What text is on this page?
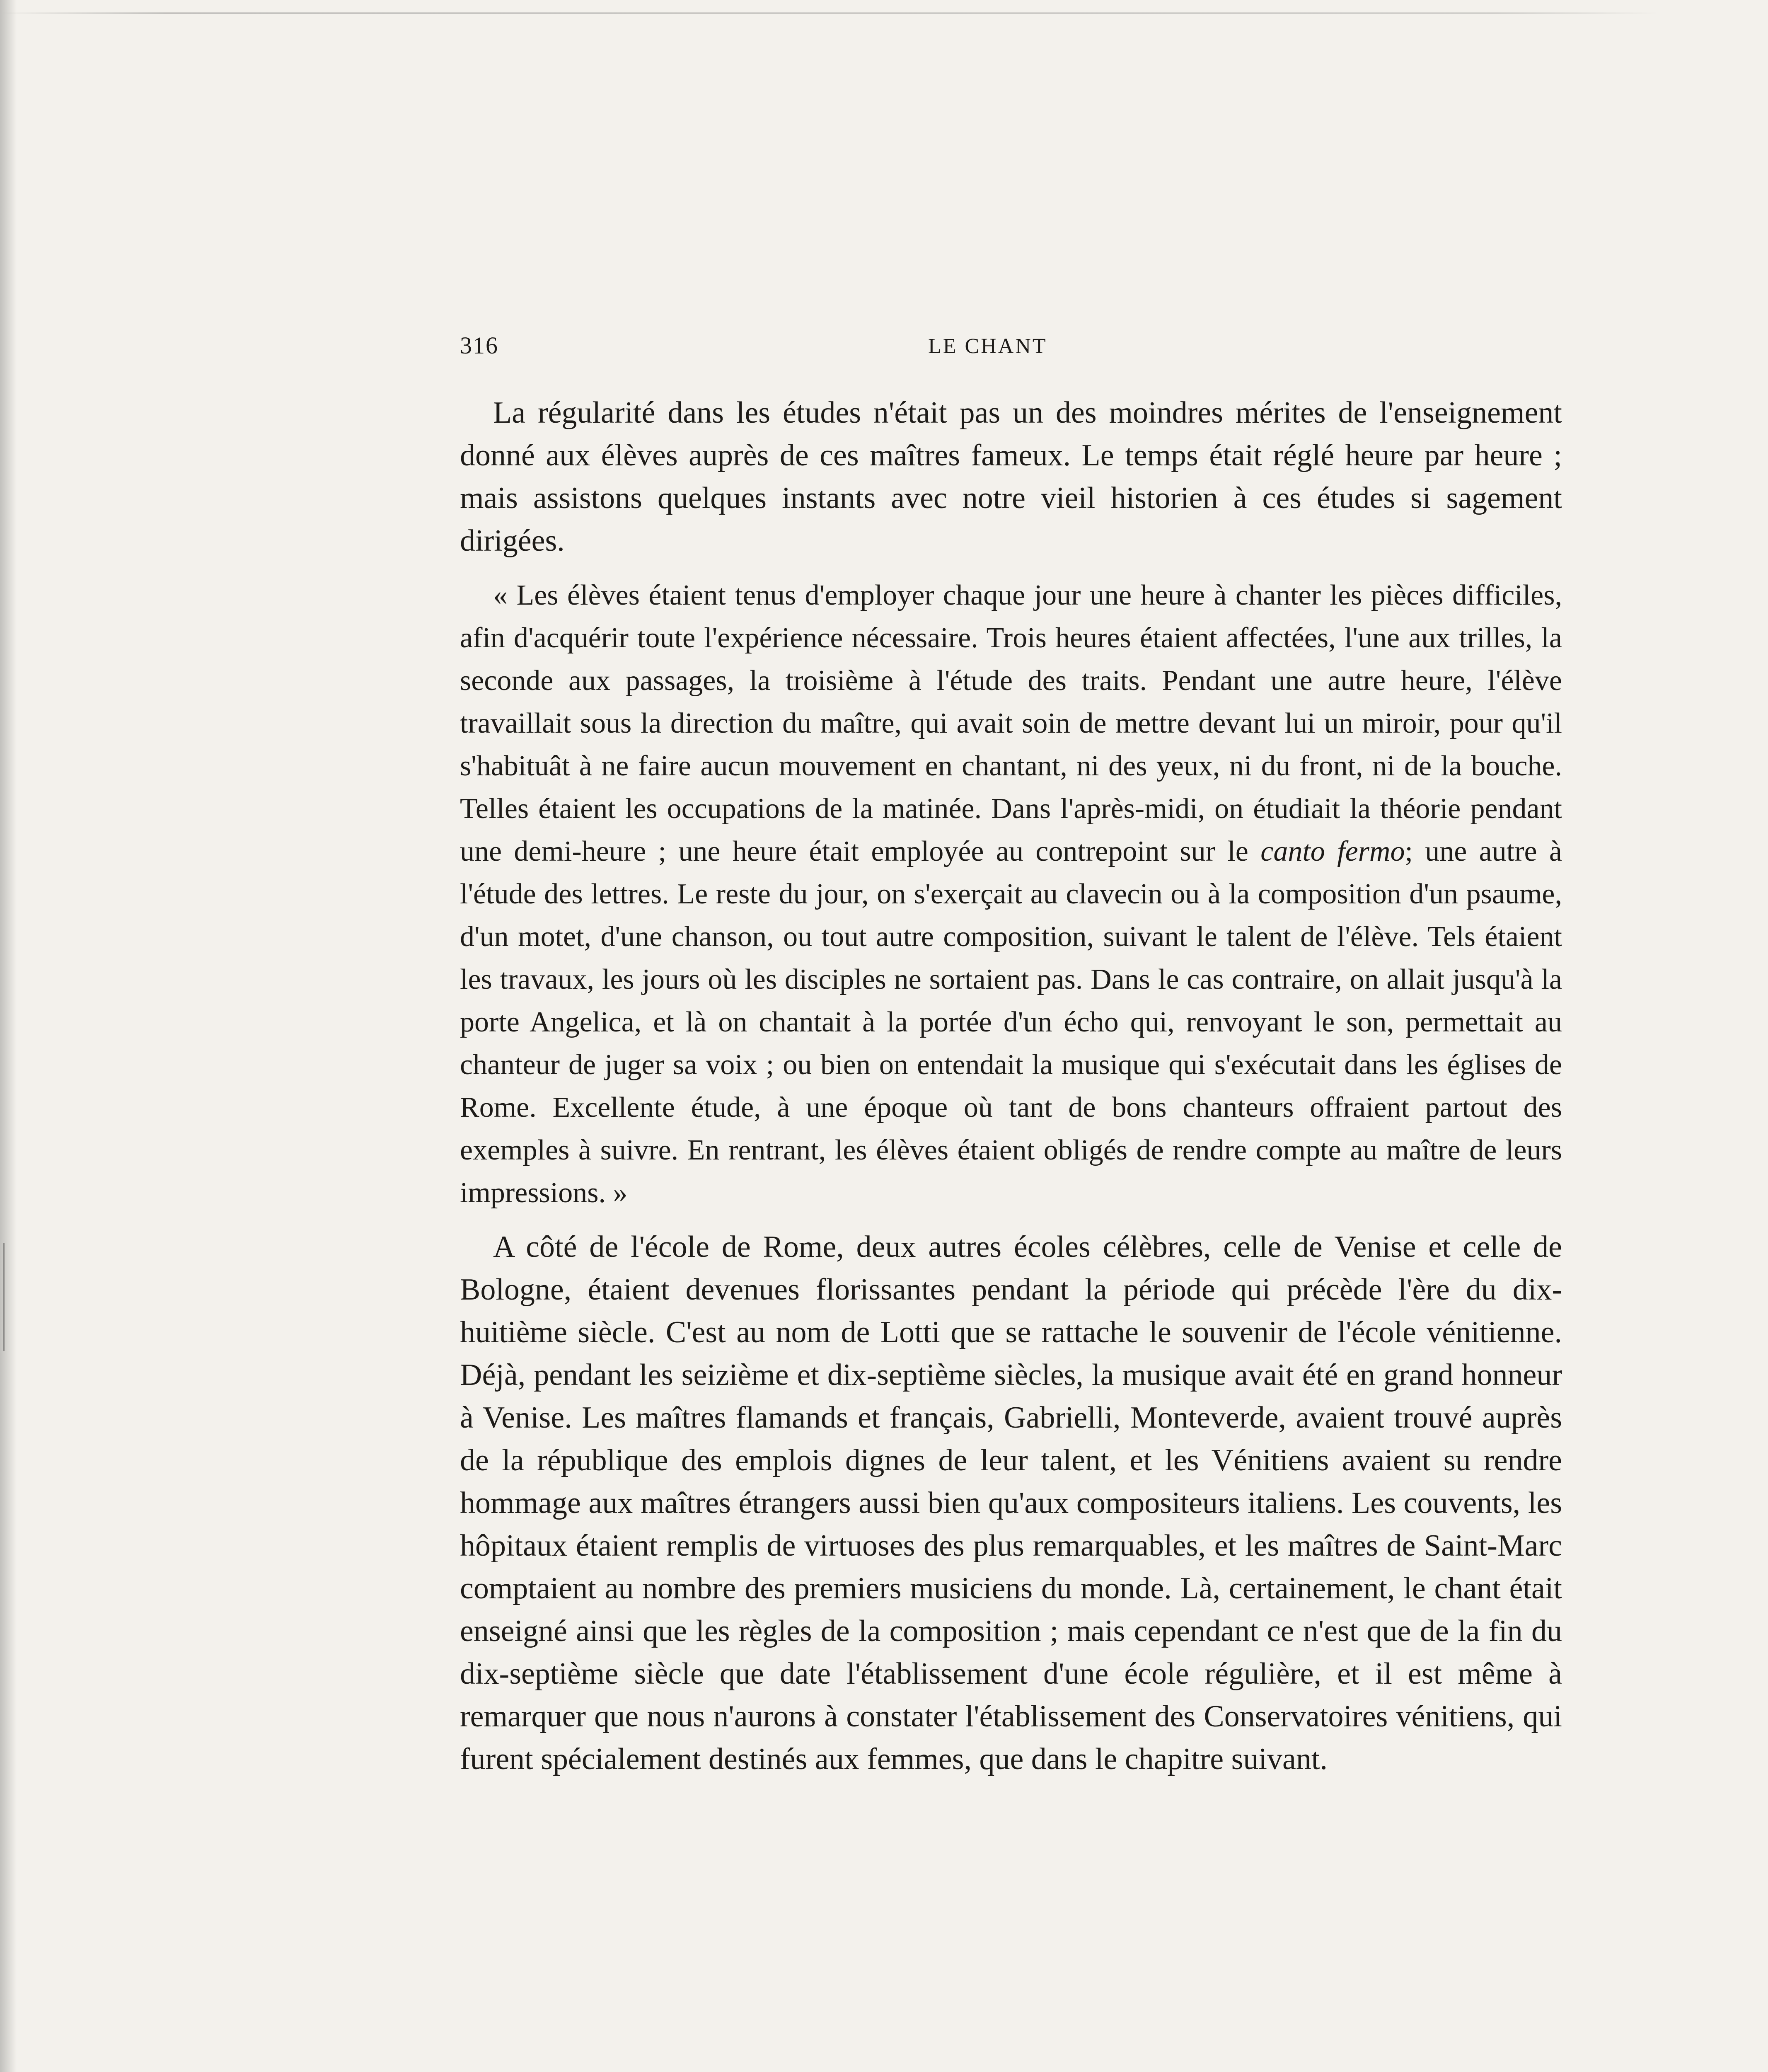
316	LE CHANT

La régularité dans les études n'était pas un des moindres mérites de l'enseignement donné aux élèves auprès de ces maîtres fameux. Le temps était réglé heure par heure ; mais assistons quelques instants avec notre vieil historien à ces études si sagement dirigées.

« Les élèves étaient tenus d'employer chaque jour une heure à chanter les pièces difficiles, afin d'acquérir toute l'expérience nécessaire. Trois heures étaient affectées, l'une aux trilles, la seconde aux passages, la troisième à l'étude des traits. Pendant une autre heure, l'élève travaillait sous la direction du maître, qui avait soin de mettre devant lui un miroir, pour qu'il s'habituât à ne faire aucun mouvement en chantant, ni des yeux, ni du front, ni de la bouche. Telles étaient les occupations de la matinée. Dans l'après-midi, on étudiait la théorie pendant une demi-heure ; une heure était employée au contrepoint sur le canto fermo; une autre à l'étude des lettres. Le reste du jour, on s'exerçait au clavecin ou à la composition d'un psaume, d'un motet, d'une chanson, ou tout autre composition, suivant le talent de l'élève. Tels étaient les travaux, les jours où les disciples ne sortaient pas. Dans le cas contraire, on allait jusqu'à la porte Angelica, et là on chantait à la portée d'un écho qui, renvoyant le son, permettait au chanteur de juger sa voix ; ou bien on entendait la musique qui s'exécutait dans les églises de Rome. Excellente étude, à une époque où tant de bons chanteurs offraient partout des exemples à suivre. En rentrant, les élèves étaient obligés de rendre compte au maître de leurs impressions. »

A côté de l'école de Rome, deux autres écoles célèbres, celle de Venise et celle de Bologne, étaient devenues florissantes pendant la période qui précède l'ère du dix-huitième siècle. C'est au nom de Lotti que se rattache le souvenir de l'école vénitienne. Déjà, pendant les seizième et dix-septième siècles, la musique avait été en grand honneur à Venise. Les maîtres flamands et français, Gabrielli, Monteverde, avaient trouvé auprès de la république des emplois dignes de leur talent, et les Vénitiens avaient su rendre hommage aux maîtres étrangers aussi bien qu'aux compositeurs italiens. Les couvents, les hôpitaux étaient remplis de virtuoses des plus remarquables, et les maîtres de Saint-Marc comptaient au nombre des premiers musiciens du monde. Là, certainement, le chant était enseigné ainsi que les règles de la composition ; mais cependant ce n'est que de la fin du dix-septième siècle que date l'établissement d'une école régulière, et il est même à remarquer que nous n'aurons à constater l'établissement des Conservatoires vénitiens, qui furent spécialement destinés aux femmes, que dans le chapitre suivant.
